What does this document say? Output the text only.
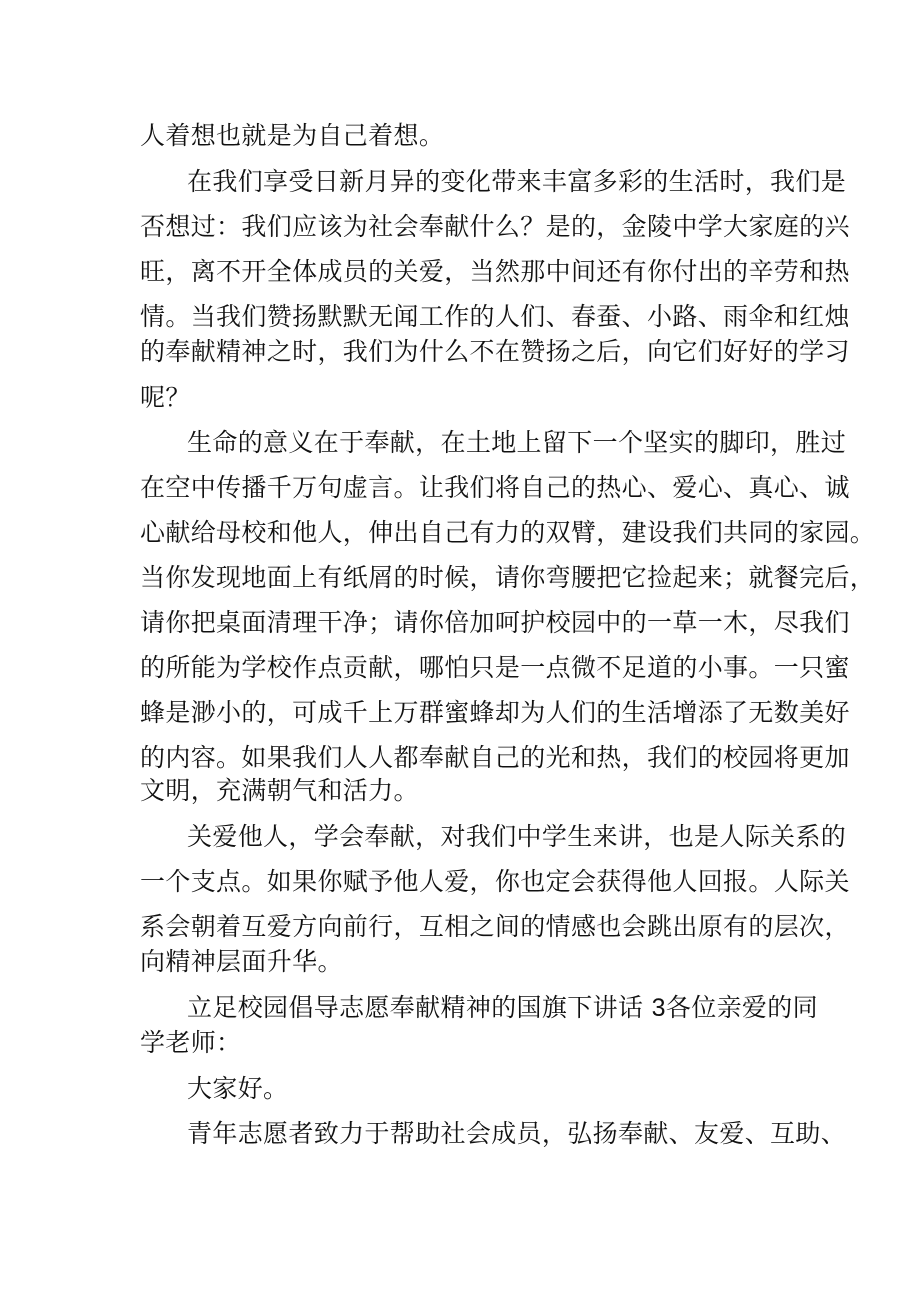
人着想也就是为自己着想。
在我们享受日新月异的变化带来丰富多彩的生活时，我们是
否想过：我们应该为社会奉献什么？是的，金陵中学大家庭的兴
旺，离不开全体成员的关爱，当然那中间还有你付出的辛劳和热
情。当我们赞扬默默无闻工作的人们、春蚕、小路、雨伞和红烛
的奉献精神之时，我们为什么不在赞扬之后，向它们好好的学习
呢？
生命的意义在于奉献，在土地上留下一个坚实的脚印，胜过
在空中传播千万句虚言。让我们将自己的热心、爱心、真心、诚
心献给母校和他人，伸出自己有力的双臂，建设我们共同的家园。
当你发现地面上有纸屑的时候，请你弯腰把它捡起来；就餐完后，
请你把桌面清理干净；请你倍加呵护校园中的一草一木，尽我们
的所能为学校作点贡献，哪怕只是一点微不足道的小事。一只蜜
蜂是渺小的，可成千上万群蜜蜂却为人们的生活增添了无数美好
的内容。如果我们人人都奉献自己的光和热，我们的校园将更加
文明，充满朝气和活力。
关爱他人，学会奉献，对我们中学生来讲，也是人际关系的
一个支点。如果你赋予他人爱，你也定会获得他人回报。人际关
系会朝着互爱方向前行，互相之间的情感也会跳出原有的层次，
向精神层面升华。
立足校园倡导志愿奉献精神的国旗下讲话 3各位亲爱的同
学老师：
大家好。
青年志愿者致力于帮助社会成员，弘扬奉献、友爱、互助、
